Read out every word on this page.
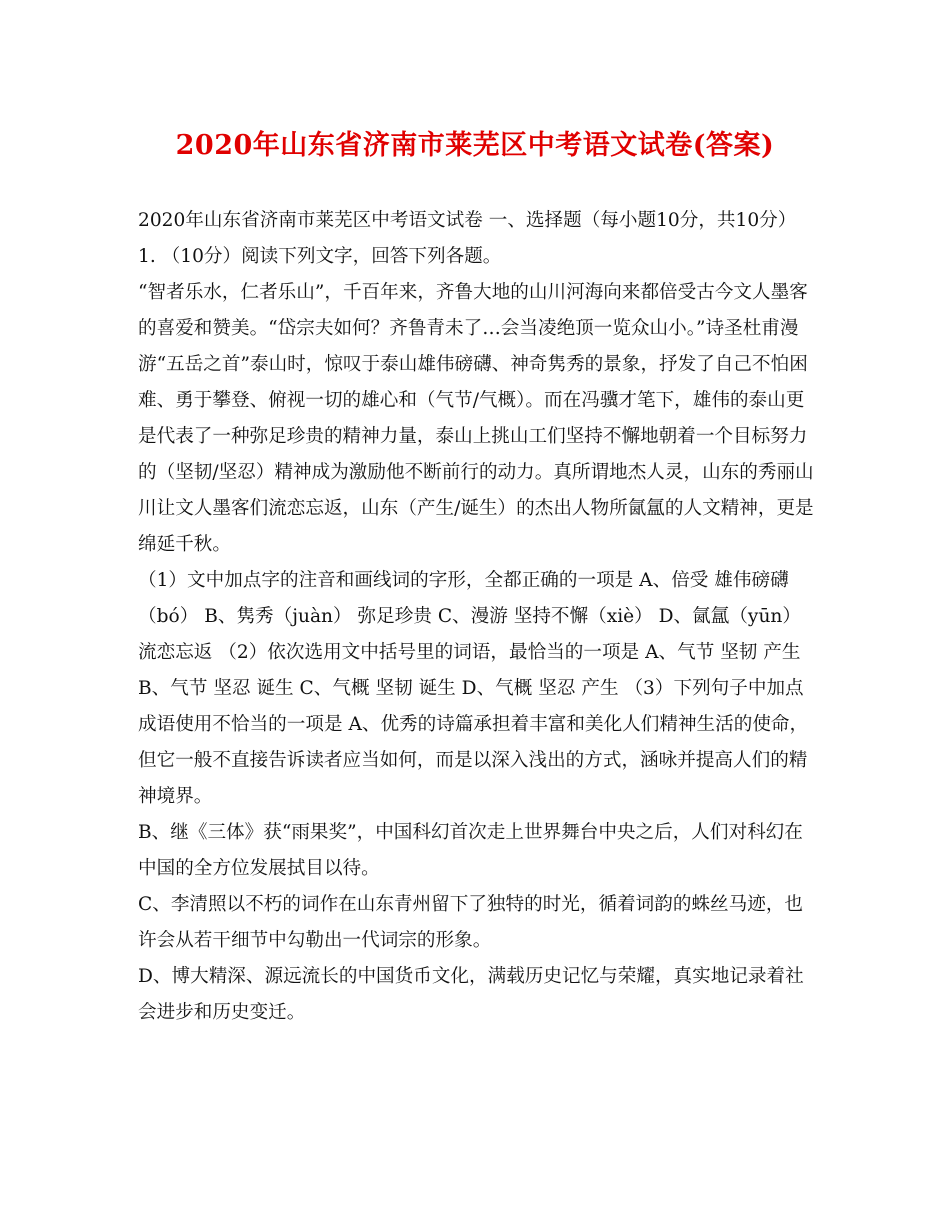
2020年山东省济南市莱芜区中考语文试卷(答案)

2020年山东省济南市莱芜区中考语文试卷 一、选择题（每小题10分，共10分） 1. （10分）阅读下列文字，回答下列各题。

“智者乐水，仁者乐山”，千百年来，齐鲁大地的山川河海向来都倍受古今文人墨客的喜爱和赞美。“岱宗夫如何？齐鲁青未了…会当凌绝顶一览众山小。”诗圣杜甫漫游“五岳之首”泰山时，惊叹于泰山雄伟磅礴、神奇隽秀的景象，抒发了自己不怕困难、勇于攀登、俯视一切的雄心和（气节/气概）。而在冯骥才笔下，雄伟的泰山更是代表了一种弥足珍贵的精神力量，泰山上挑山工们坚持不懈地朝着一个目标努力的（坚韧/坚忍）精神成为激励他不断前行的动力。真所谓地杰人灵，山东的秀丽山川让文人墨客们流恋忘返，山东（产生/诞生）的杰出人物所氤氲的人文精神，更是绵延千秋。

（1）文中加点字的注音和画线词的字形，全都正确的一项是 A、倍受 雄伟磅礴（bó） B、隽秀（juàn） 弥足珍贵 C、漫游 坚持不懈（xiè） D、氤氲（yūn） 流恋忘返 （2）依次选用文中括号里的词语，最恰当的一项是 A、气节 坚韧 产生 B、气节 坚忍 诞生 C、气概 坚韧 诞生 D、气概 坚忍 产生 （3）下列句子中加点成语使用不恰当的一项是 A、优秀的诗篇承担着丰富和美化人们精神生活的使命，但它一般不直接告诉读者应当如何，而是以深入浅出的方式，涵咏并提高人们的精神境界。

B、继《三体》获“雨果奖”，中国科幻首次走上世界舞台中央之后，人们对科幻在中国的全方位发展拭目以待。

C、李清照以不朽的词作在山东青州留下了独特的时光，循着词韵的蛛丝马迹，也许会从若干细节中勾勒出一代词宗的形象。

D、博大精深、源远流长的中国货币文化，满载历史记忆与荣耀，真实地记录着社会进步和历史变迁。
